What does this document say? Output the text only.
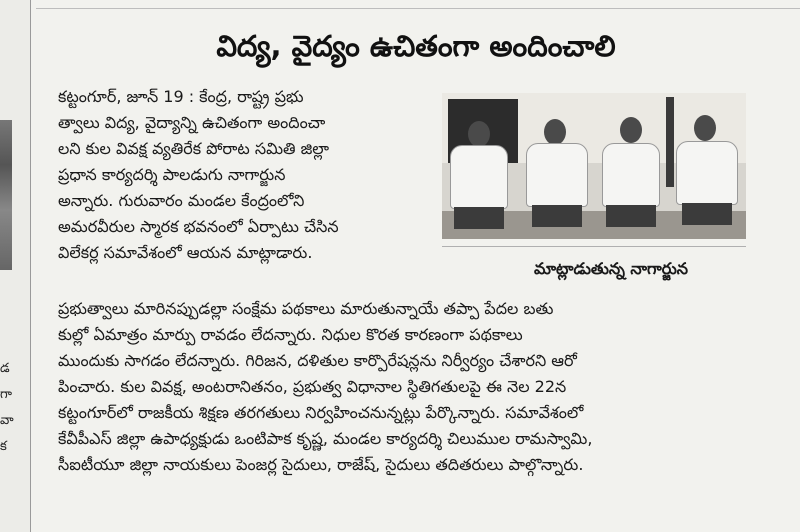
డ
గా
వా
క
విద్య, వైద్యం ఉచితంగా అందించాలి
కట్టంగూర్, జూన్ 19 : కేంద్ర, రాష్ట్ర ప్రభు
త్వాలు విద్య, వైద్యాన్ని ఉచితంగా అందించా
లని కుల వివక్ష వ్యతిరేక పోరాట సమితి జిల్లా
ప్రధాన కార్యదర్శి పాలడుగు నాగార్జున
అన్నారు. గురువారం మండల కేంద్రంలోని
అమరవీరుల స్మారక భవనంలో ఏర్పాటు చేసిన
విలేకర్ల సమావేశంలో ఆయన మాట్లాడారు.
మాట్లాడుతున్న నాగార్జున
ప్రభుత్వాలు మారినప్పుడల్లా సంక్షేమ పథకాలు మారుతున్నాయే తప్పా పేదల బతు
కుల్లో ఏమాత్రం మార్పు రావడం లేదన్నారు. నిధుల కొరత కారణంగా పథకాలు
ముందుకు సాగడం లేదన్నారు. గిరిజన, దళితుల కార్పొరేషన్లను నిర్వీర్యం చేశారని ఆరో
పించారు. కుల వివక్ష, అంటరానితనం, ప్రభుత్వ విధానాల స్థితిగతులపై ఈ నెల 22న
కట్టంగూర్‌లో రాజకీయ శిక్షణ తరగతులు నిర్వహించనున్నట్లు పేర్కొన్నారు. సమావేశంలో
కేవీపీఎస్ జిల్లా ఉపాధ్యక్షుడు ఒంటిపాక కృష్ణ, మండల కార్యదర్శి చిలుముల రామస్వామి,
సీఐటీయూ జిల్లా నాయకులు పెంజర్ల సైదులు, రాజేష్, సైదులు తదితరులు పాల్గొన్నారు.
